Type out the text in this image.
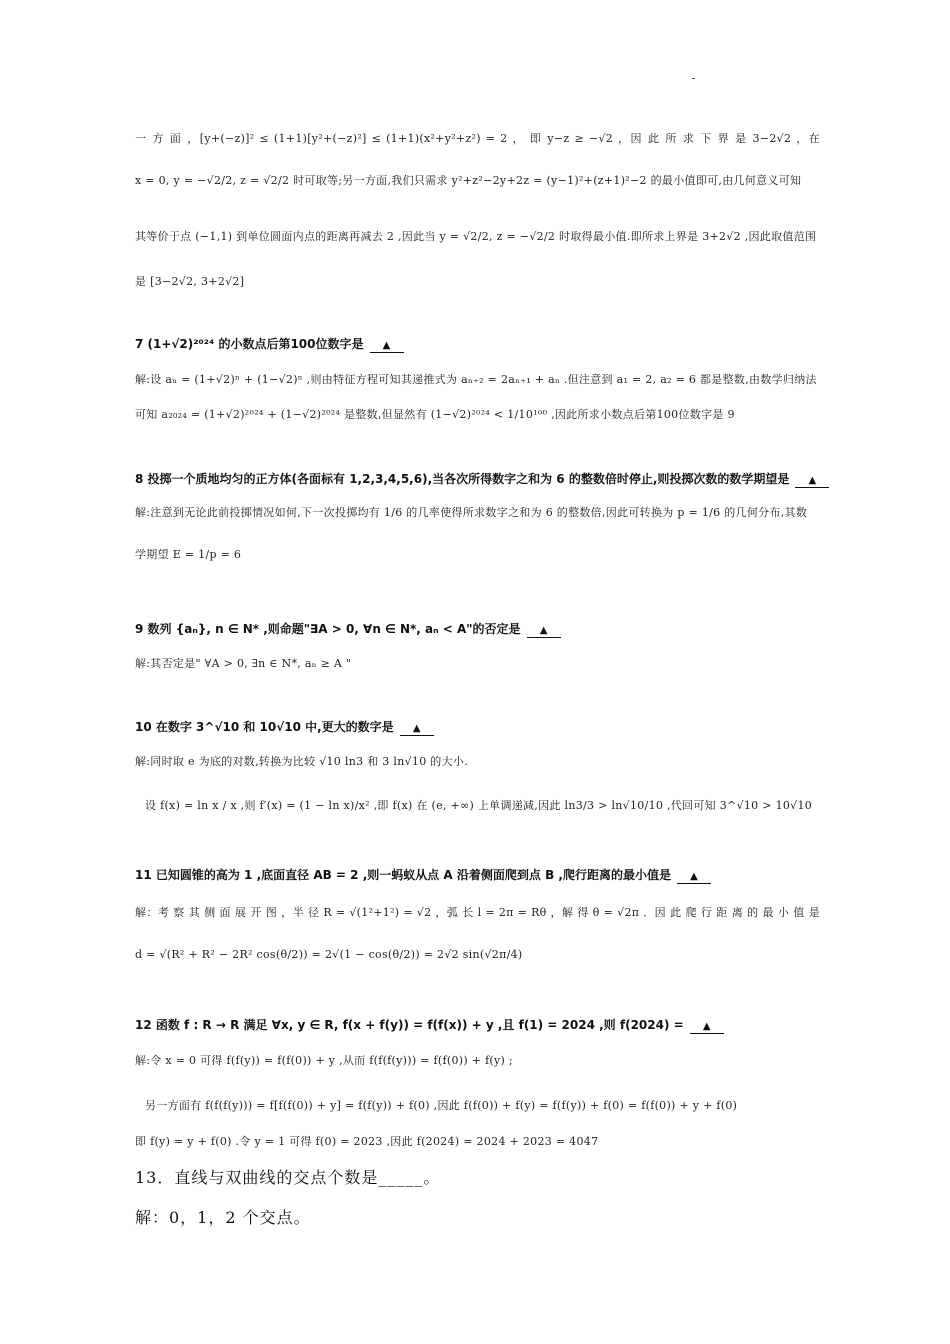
一 方 面 ，[y+(−z)]² ≤ (1+1)[y²+(−z)²] ≤ (1+1)(x²+y²+z²) = 2 ， 即 y−z ≥ −√2 ，因 此 所 求 下 界 是 3−2√2 ，在
x = 0, y = −√2/2, z = √2/2 时可取等;另一方面,我们只需求 y²+z²−2y+2z = (y−1)²+(z+1)²−2 的最小值即可,由几何意义可知
其等价于点 (−1,1) 到单位圆面内点的距离再减去 2 ,因此当 y = √2/2, z = −√2/2 时取得最小值.即所求上界是 3+2√2 ,因此取值范围
是 [3−2√2, 3+2√2]
7 (1+√2)²⁰²⁴ 的小数点后第100位数字是 ▲
解:设 aₙ = (1+√2)ⁿ + (1−√2)ⁿ ,则由特征方程可知其递推式为 aₙ₊₂ = 2aₙ₊₁ + aₙ .但注意到 a₁ = 2, a₂ = 6 都是整数,由数学归纳法
可知 a₂₀₂₄ = (1+√2)²⁰²⁴ + (1−√2)²⁰²⁴ 是整数,但显然有 (1−√2)²⁰²⁴ < 1/10¹⁰⁰ ,因此所求小数点后第100位数字是 9
8 投掷一个质地均匀的正方体(各面标有 1,2,3,4,5,6),当各次所得数字之和为 6 的整数倍时停止,则投掷次数的数学期望是 ▲
解:注意到无论此前投掷情况如何,下一次投掷均有 1/6 的几率使得所求数字之和为 6 的整数倍,因此可转换为 p = 1/6 的几何分布,其数
学期望 E = 1/p = 6
9 数列 {aₙ}, n ∈ N* ,则命题"∃A > 0, ∀n ∈ N*, aₙ < A"的否定是 ▲
解:其否定是" ∀A > 0, ∃n ∈ N*, aₙ ≥ A "
10 在数字 3^√10 和 10√10 中,更大的数字是 ▲
解:同时取 e 为底的对数,转换为比较 √10 ln3 和 3 ln√10 的大小.
设 f(x) = ln x / x ,则 f′(x) = (1 − ln x)/x² ,即 f(x) 在 (e, +∞) 上单调递减,因此 ln3/3 > ln√10/10 ,代回可知 3^√10 > 10√10
11 已知圆锥的高为 1 ,底面直径 AB = 2 ,则一蚂蚁从点 A 沿着侧面爬到点 B ,爬行距离的最小值是 ▲
解：考 察 其 侧 面 展 开 图 ，半 径 R = √(1²+1²) = √2 ，弧 长 l = 2π = Rθ ，解 得 θ = √2π ．因 此 爬 行 距 离 的 最 小 值 是
d = √(R² + R² − 2R² cos(θ/2)) = 2√(1 − cos(θ/2)) = 2√2 sin(√2π/4)
12 函数 f : R → R 满足 ∀x, y ∈ R, f(x + f(y)) = f(f(x)) + y ,且 f(1) = 2024 ,则 f(2024) = ▲
解:令 x = 0 可得 f(f(y)) = f(f(0)) + y ,从而 f(f(f(y))) = f(f(0)) + f(y) ;
另一方面有 f(f(f(y))) = f[f(f(0)) + y] = f(f(y)) + f(0) ,因此 f(f(0)) + f(y) = f(f(y)) + f(0) = f(f(0)) + y + f(0)
即 f(y) = y + f(0) .令 y = 1 可得 f(0) = 2023 ,因此 f(2024) = 2024 + 2023 = 4047
13．直线与双曲线的交点个数是_____。
解：0，1，2 个交点。
